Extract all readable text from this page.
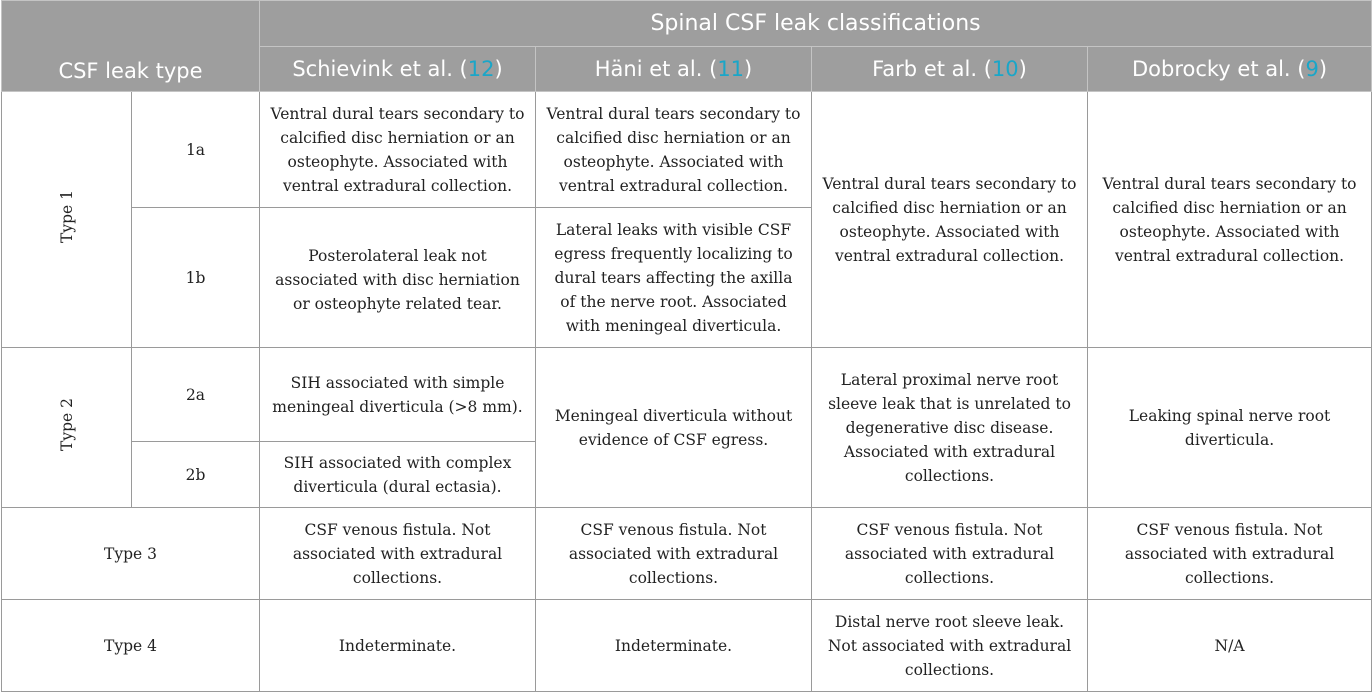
CSF leak type		Spinal CSF leak classifications			
		Schievink et al. (12)	Häni et al. (11)	Farb et al. (10)	Dobrocky et al. (9)
Type 1	1a	Ventral dural tears secondary to calcified disc herniation or an osteophyte. Associated with ventral extradural collection.	Ventral dural tears secondary to calcified disc herniation or an osteophyte. Associated with ventral extradural collection.	Ventral dural tears secondary to calcified disc herniation or an osteophyte. Associated with ventral extradural collection.	Ventral dural tears secondary to calcified disc herniation or an osteophyte. Associated with ventral extradural collection.
	1b	Posterolateral leak not associated with disc herniation or osteophyte related tear.	Lateral leaks with visible CSF egress frequently localizing to dural tears affecting the axilla of the nerve root. Associated with meningeal diverticula.		
Type 2	2a	SIH associated with simple meningeal diverticula (>8 mm).	Meningeal diverticula without evidence of CSF egress.	Lateral proximal nerve root sleeve leak that is unrelated to degenerative disc disease. Associated with extradural collections.	Leaking spinal nerve root diverticula.
	2b	SIH associated with complex diverticula (dural ectasia).			
Type 3		CSF venous fistula. Not associated with extradural collections.	CSF venous fistula. Not associated with extradural collections.	CSF venous fistula. Not associated with extradural collections.	CSF venous fistula. Not associated with extradural collections.
Type 4		Indeterminate.	Indeterminate.	Distal nerve root sleeve leak. Not associated with extradural collections.	N/A
